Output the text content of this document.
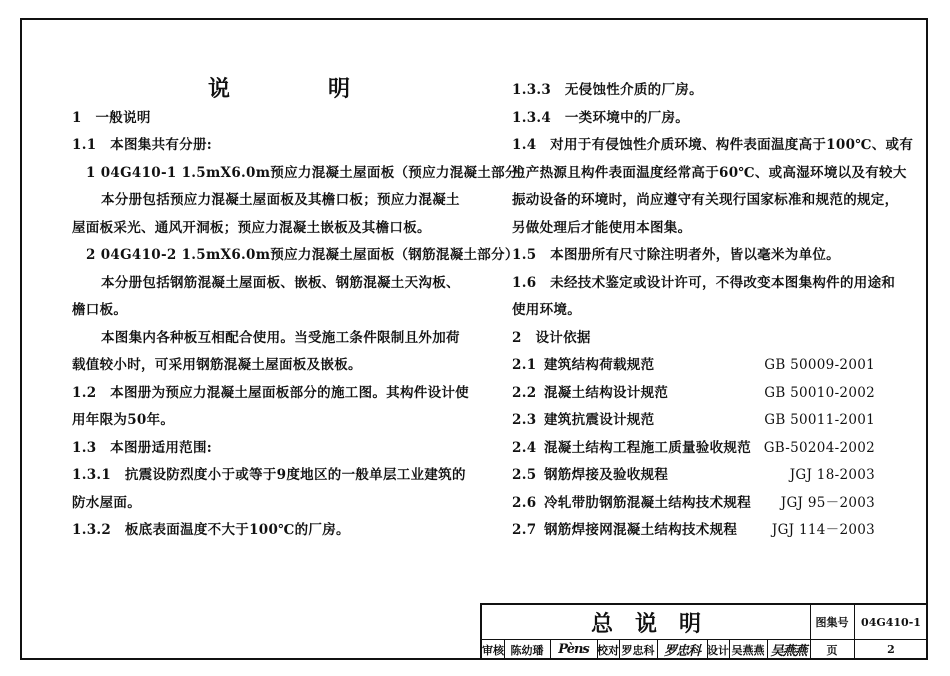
说　明
1　一般说明
1.1　本图集共有分册:
1 04G410-1 1.5mX6.0m预应力混凝土屋面板（预应力混凝土部分）
本分册包括预应力混凝土屋面板及其檐口板；预应力混凝土
屋面板采光、通风开洞板；预应力混凝土嵌板及其檐口板。
2 04G410-2 1.5mX6.0m预应力混凝土屋面板（钢筋混凝土部分）
本分册包括钢筋混凝土屋面板、嵌板、钢筋混凝土天沟板、
檐口板。
本图集内各种板互相配合使用。当受施工条件限制且外加荷
载值较小时，可采用钢筋混凝土屋面板及嵌板。
1.2　本图册为预应力混凝土屋面板部分的施工图。其构件设计使
用年限为50年。
1.3　本图册适用范围:
1.3.1　抗震设防烈度小于或等于9度地区的一般单层工业建筑的
防水屋面。
1.3.2　板底表面温度不大于100℃的厂房。
1.3.3　无侵蚀性介质的厂房。
1.3.4　一类环境中的厂房。
1.4　对用于有侵蚀性介质环境、构件表面温度高于100℃、或有
生产热源且构件表面温度经常高于60℃、或高湿环境以及有较大
振动设备的环境时，尚应遵守有关现行国家标准和规范的规定，
另做处理后才能使用本图集。
1.5　本图册所有尺寸除注明者外，皆以毫米为单位。
1.6　未经技术鉴定或设计许可，不得改变本图集构件的用途和
使用环境。
2　设计依据
2.1 建筑结构荷载规范	GB 50009-2001
2.2 混凝土结构设计规范	GB 50010-2002
2.3 建筑抗震设计规范	GB 50011-2001
2.4 混凝土结构工程施工质量验收规范 GB-50204-2002
2.5 钢筋焊接及验收规程	JGJ 18-2003
2.6 冷轧带肋钢筋混凝土结构技术规程 JGJ 95－2003
2.7 钢筋焊接网混凝土结构技术规程	JGJ 114－2003
总　说　明	图集号	04G410-1
审核 陈幼璠	Pèns 校对 罗忠科 罗忠科 设计 吴燕燕 吴燕燕	页	2
